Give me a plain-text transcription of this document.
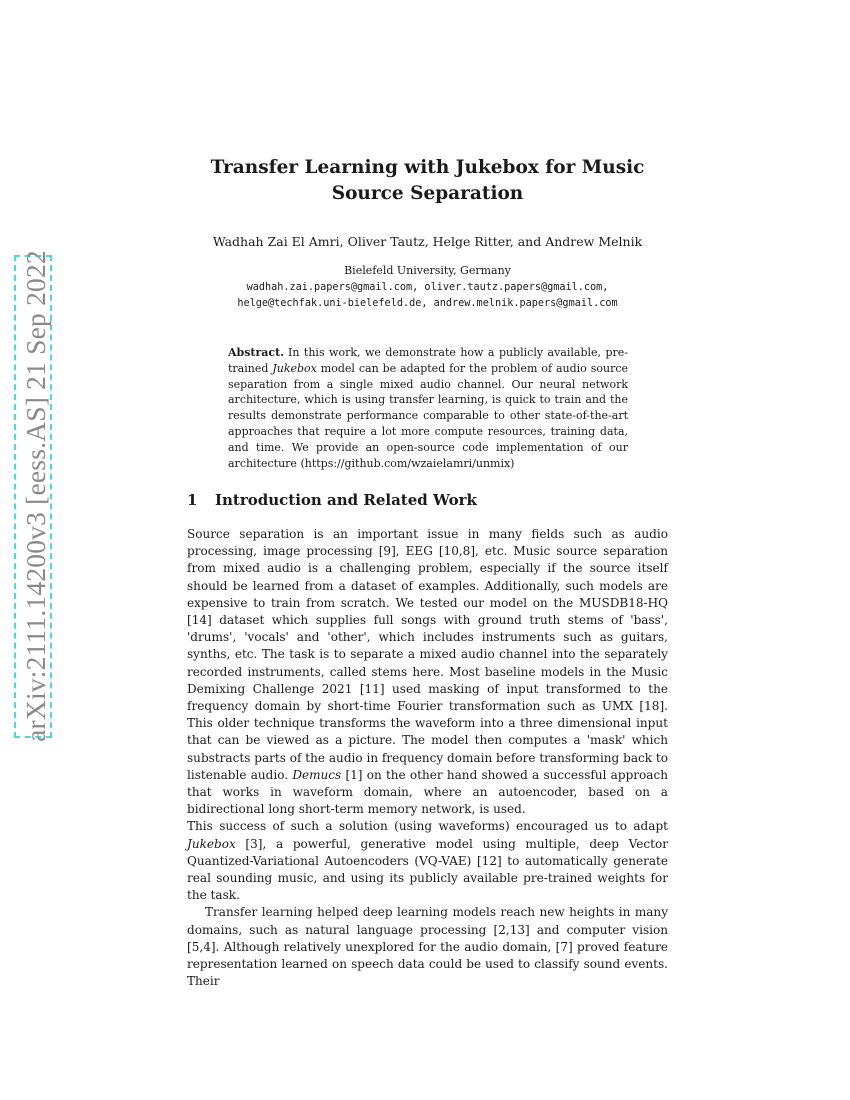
arXiv:2111.14200v3 [eess.AS] 21 Sep 2022
Transfer Learning with Jukebox for Music
Source Separation
Wadhah Zai El Amri, Oliver Tautz, Helge Ritter, and Andrew Melnik
Bielefeld University, Germany
wadhah.zai.papers@gmail.com, oliver.tautz.papers@gmail.com,
helge@techfak.uni-bielefeld.de, andrew.melnik.papers@gmail.com
Abstract. In this work, we demonstrate how a publicly available, pre-trained Jukebox model can be adapted for the problem of audio source separation from a single mixed audio channel. Our neural network architecture, which is using transfer learning, is quick to train and the results demonstrate performance comparable to other state-of-the-art approaches that require a lot more compute resources, training data, and time. We provide an open-source code implementation of our architecture (https://github.com/wzaielamri/unmix)
1 Introduction and Related Work

Source separation is an important issue in many fields such as audio processing, image processing [9], EEG [10,8], etc. Music source separation from mixed audio is a challenging problem, especially if the source itself should be learned from a dataset of examples. Additionally, such models are expensive to train from scratch. We tested our model on the MUSDB18-HQ [14] dataset which supplies full songs with ground truth stems of 'bass', 'drums', 'vocals' and 'other', which includes instruments such as guitars, synths, etc. The task is to separate a mixed audio channel into the separately recorded instruments, called stems here. Most baseline models in the Music Demixing Challenge 2021 [11] used masking of input transformed to the frequency domain by short-time Fourier transformation such as UMX [18]. This older technique transforms the waveform into a three dimensional input that can be viewed as a picture. The model then computes a 'mask' which substracts parts of the audio in frequency domain before transforming back to listenable audio. Demucs [1] on the other hand showed a successful approach that works in waveform domain, where an autoencoder, based on a bidirectional long short-term memory network, is used.

This success of such a solution (using waveforms) encouraged us to adapt Jukebox [3], a powerful, generative model using multiple, deep Vector Quantized-Variational Autoencoders (VQ-VAE) [12] to automatically generate real sounding music, and using its publicly available pre-trained weights for the task.

Transfer learning helped deep learning models reach new heights in many domains, such as natural language processing [2,13] and computer vision [5,4]. Although relatively unexplored for the audio domain, [7] proved feature representation learned on speech data could be used to classify sound events. Their
